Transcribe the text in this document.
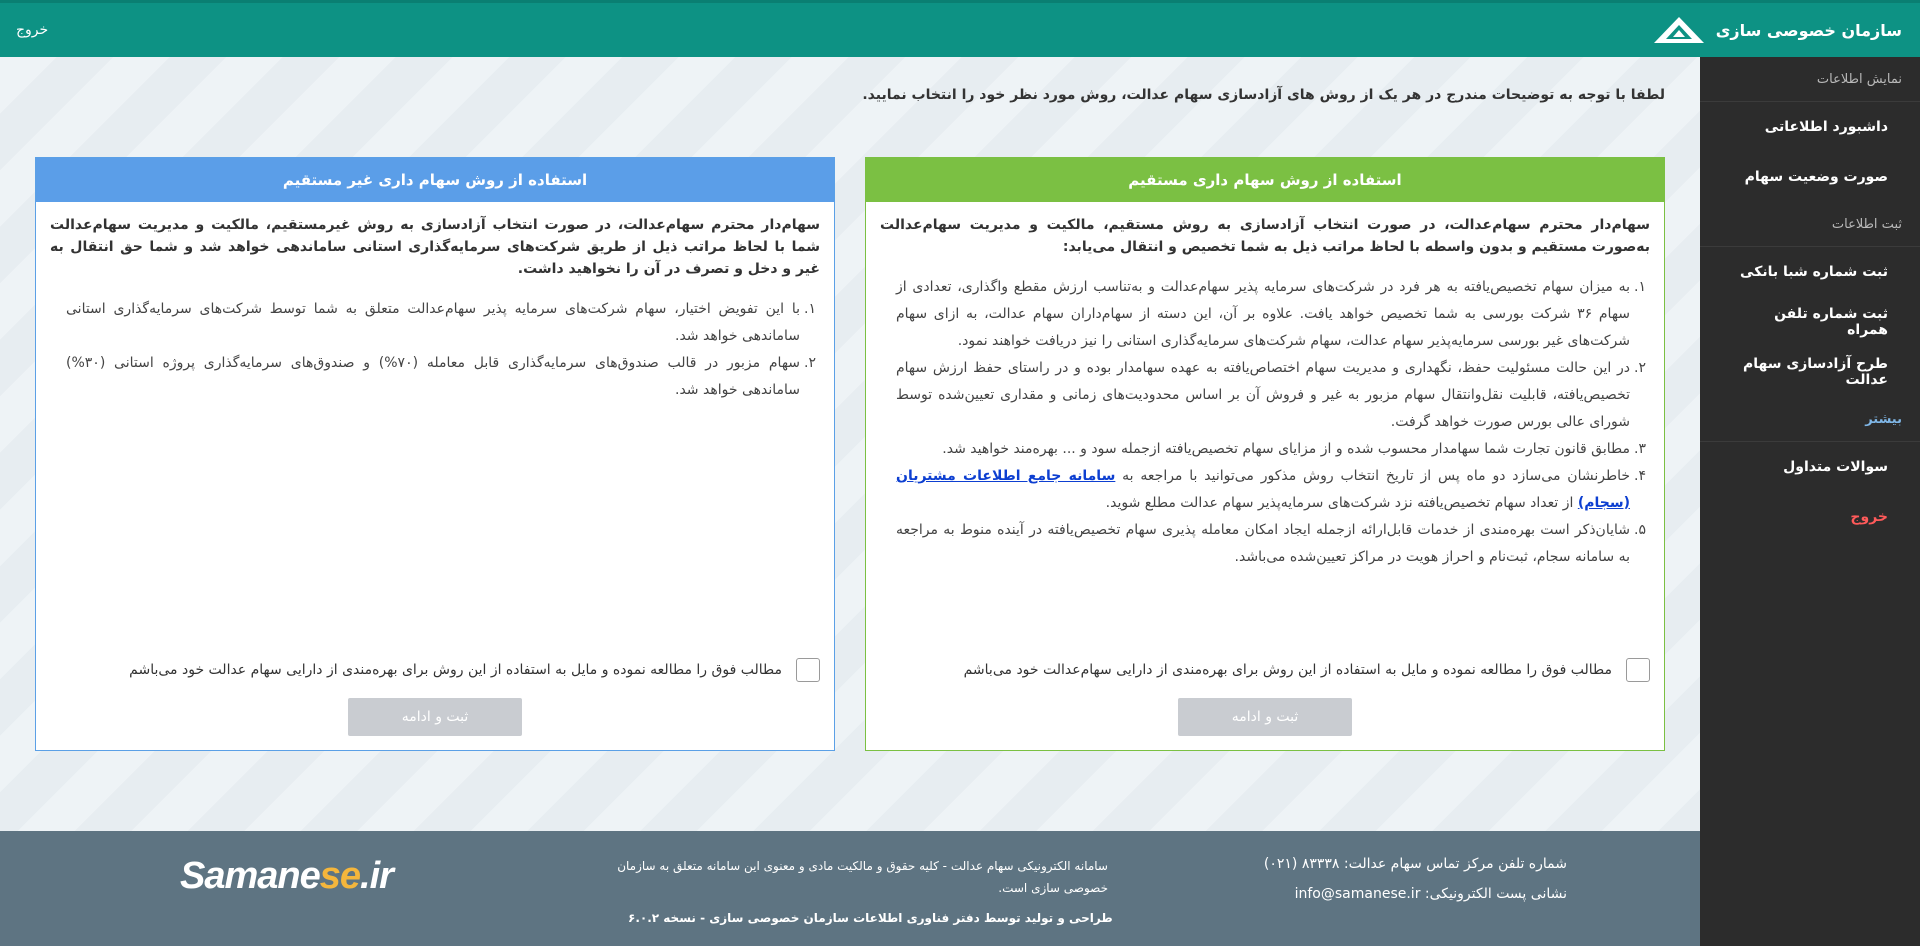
سازمان خصوصی سازی
خروج
نمایش اطلاعات
داشبورد اطلاعاتی
صورت وضعیت سهام
ثبت اطلاعات
ثبت شماره شبا بانکی
ثبت شماره تلفن همراه
طرح آزادسازی سهام عدالت
بیشتر
سوالات متداول
خروج
لطفا با توجه به توضیحات مندرج در هر یک از روش های آزادسازی سهام عدالت، روش مورد نظر خود را انتخاب نمایید.
استفاده از روش سهام داری مستقیم
سهام‌دار محترم سهام‌عدالت، در صورت انتخاب آزادسازی به روش مستقیم، مالکیت و مدیریت سهام‌عدالت به‌صورت مستقیم و بدون واسطه با لحاظ مراتب ذیل به شما تخصیص و انتقال می‌یابد:
۱.
به میزان سهام تخصیص‌یافته به هر فرد در شرکت‌های سرمایه پذیر سهام‌عدالت و به‌تناسب ارزش مقطع واگذاری، تعدادی از سهام ۳۶ شرکت بورسی به شما تخصیص خواهد یافت. علاوه بر آن، این دسته از سهام‌داران سهام عدالت، به ازای سهام شرکت‌های غیر بورسی سرمایه‌پذیر سهام عدالت، سهام شرکت‌های سرمایه‌گذاری استانی را نیز دریافت خواهند نمود.
۲.
در این حالت مسئولیت حفظ، نگهداری و مدیریت سهام اختصاص‌یافته به عهده سهامدار بوده و در راستای حفظ ارزش سهام تخصیص‌یافته، قابلیت نقل‌وانتقال سهام مزبور به غیر و فروش آن بر اساس محدودیت‌های زمانی و مقداری تعیین‌شده توسط شورای عالی بورس صورت خواهد گرفت.
۳.
مطابق قانون تجارت شما سهامدار محسوب شده و از مزایای سهام تخصیص‌یافته ازجمله سود و ... بهره‌مند خواهید شد.
۴.
خاطرنشان می‌سازد دو ماه پس از تاریخ انتخاب روش مذکور می‌توانید با مراجعه به سامانه جامع اطلاعات مشتریان (سجام) از تعداد سهام تخصیص‌یافته نزد شرکت‌های سرمایه‌پذیر سهام عدالت مطلع شوید.
۵.
شایان‌ذکر است بهره‌مندی از خدمات قابل‌ارائه ازجمله ایجاد امکان معامله پذیری سهام تخصیص‌یافته در آینده منوط به مراجعه به سامانه سجام، ثبت‌نام و احراز هویت در مراکز تعیین‌شده می‌باشد.
مطالب فوق را مطالعه نموده و مایل به استفاده از این روش برای بهره‌مندی از دارایی سهام‌عدالت خود می‌باشم
ثبت و ادامه
استفاده از روش سهام داری غیر مستقیم
سهام‌دار محترم سهام‌عدالت، در صورت انتخاب آزادسازی به روش غیرمستقیم، مالکیت و مدیریت سهام‌عدالت شما با لحاظ مراتب ذیل از طریق شرکت‌های سرمایه‌گذاری استانی ساماندهی خواهد شد و شما حق انتقال به غیر و دخل و تصرف در آن را نخواهید داشت.
۱.
با این تفویض اختیار، سهام شرکت‌های سرمایه پذیر سهام‌عدالت متعلق به شما توسط شرکت‌های سرمایه‌گذاری استانی ساماندهی خواهد شد.
۲.
سهام مزبور در قالب صندوق‌های سرمایه‌گذاری قابل معامله (۷۰%) و صندوق‌های سرمایه‌گذاری پروژه استانی (۳۰%) ساماندهی خواهد شد.
مطالب فوق را مطالعه نموده و مایل به استفاده از این روش برای بهره‌مندی از دارایی سهام عدالت خود می‌باشم
ثبت و ادامه
شماره تلفن مرکز تماس سهام عدالت: ۸۳۳۳۸ (۰۲۱)
نشانی پست الکترونیکی: info@samanese.ir
سامانه الکترونیکی سهام عدالت - کلیه حقوق و مالکیت مادی و معنوی این سامانه متعلق به سازمان خصوصی سازی است.
طراحی و تولید توسط دفتر فناوری اطلاعات سازمان خصوصی سازی - نسخه ۶.۰.۲
Samanese.ir
